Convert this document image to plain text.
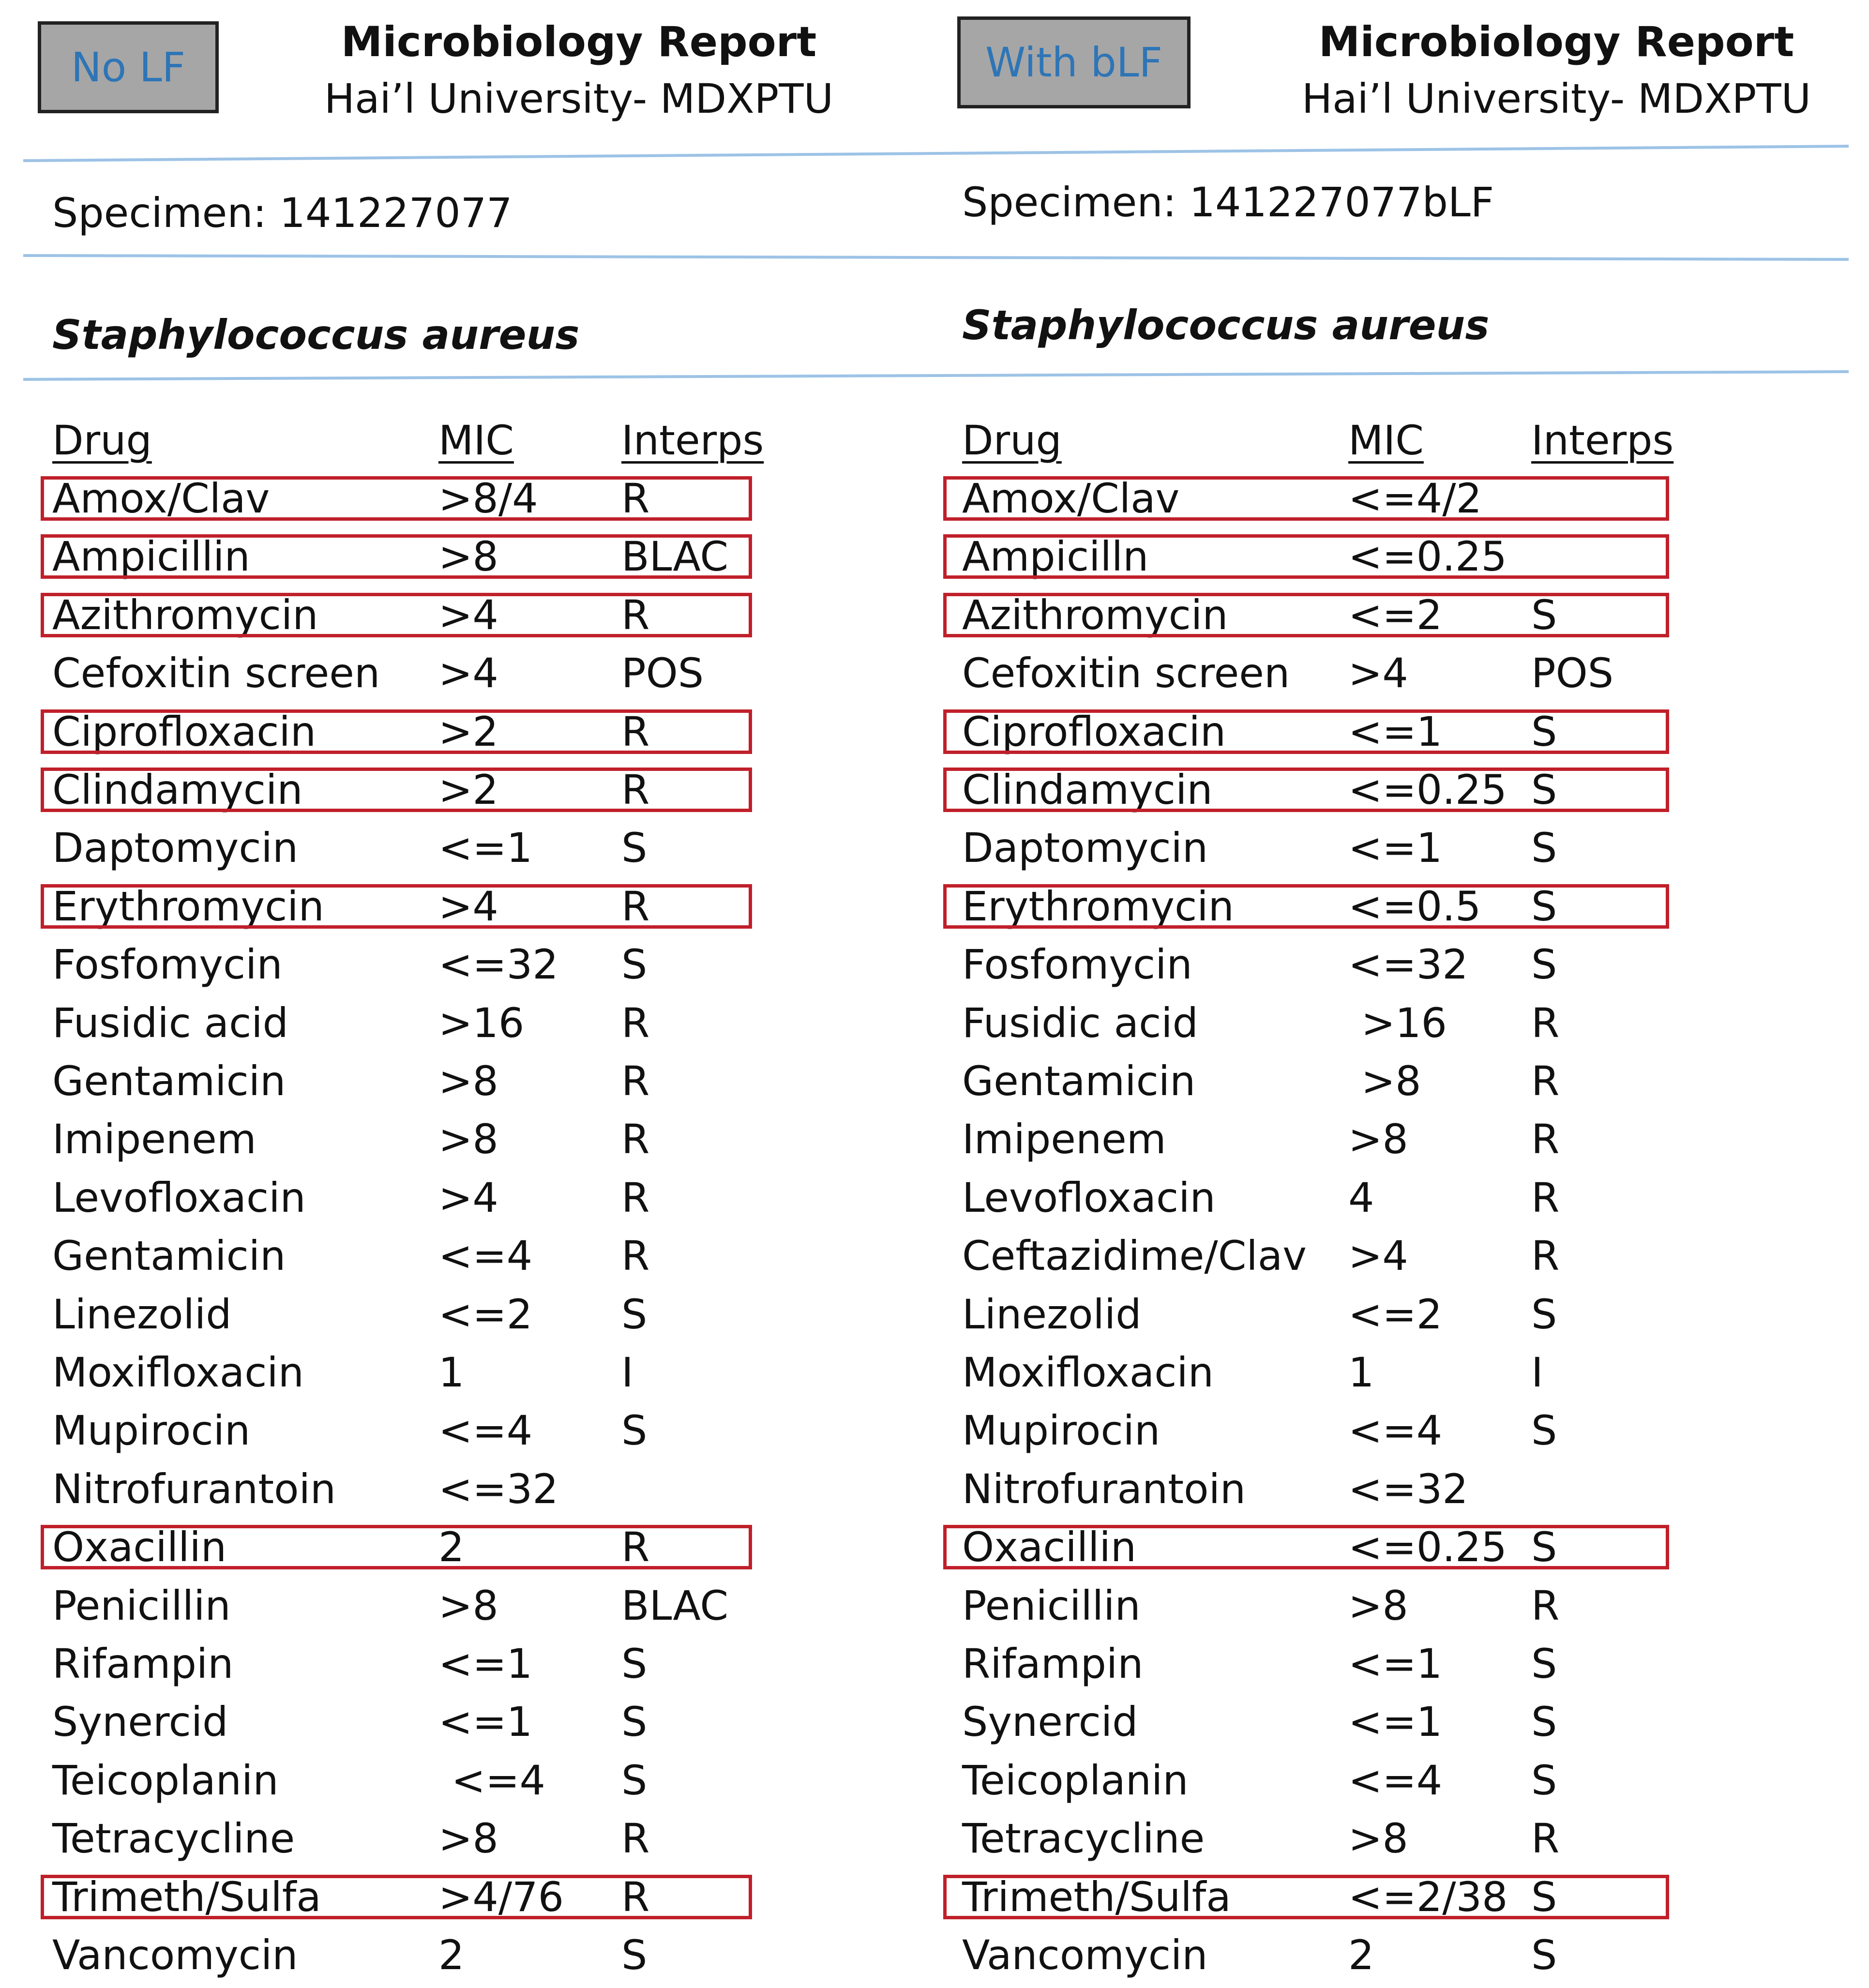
No LF
Microbiology Report
Hai’l University- MDXPTU
Specimen: 141227077
Staphylococcus aureus
Drug	MIC	Interps
Amox/Clav	>8/4 R
Ampicillin	>8	BLAC
Azithromycin	>4	R
Cefoxitin screen >4	POS
Ciprofloxacin	>2	R
Clindamycin	>2	R
Daptomycin	<=1 S
Erythromycin	>4	R
Fosfomycin	<=32 S
Fusidic acid	>16 R
Gentamicin	>8	R
Imipenem	>8	R
Levofloxacin	>4	R
Gentamicin	<=4 R
Linezolid	<=2 S
Moxifloxacin	1	I
Mupirocin	<=4 S
Nitrofurantoin	<=32
Oxacillin	2	R
Penicillin	>8	BLAC
Rifampin	<=1 S
Synercid	<=1 S
Teicoplanin	<=4 S
Tetracycline	>8	R
Trimeth/Sulfa	>4/76 R
Vancomycin	2	S
With bLF	Microbiology Report
Hai’l University- MDXPTU
Specimen: 141227077bLF
Staphylococcus aureus
Drug	MIC	Interps
Amox/Clav	<=4/2
Ampicilln	<=0.25
Azithromycin	<=2 S
Cefoxitin screen >4	POS
Ciprofloxacin	<=1 S
Clindamycin	<=0.25 S
Daptomycin	<=1 S
Erythromycin	<=0.5 S
Fosfomycin	<=32 S
Fusidic acid	>16 R
Gentamicin	>8	R
Imipenem	>8	R
Levofloxacin	4	R
Ceftazidime/Clav >4	R
Linezolid	<=2 S
Moxifloxacin	1	I
Mupirocin	<=4 S
Nitrofurantoin	<=32
Oxacillin	<=0.25 S
Penicillin	>8	R
Rifampin	<=1 S
Synercid	<=1 S
Teicoplanin	<=4 S
Tetracycline	>8	R
Trimeth/Sulfa	<=2/38 S
Vancomycin	2	S
